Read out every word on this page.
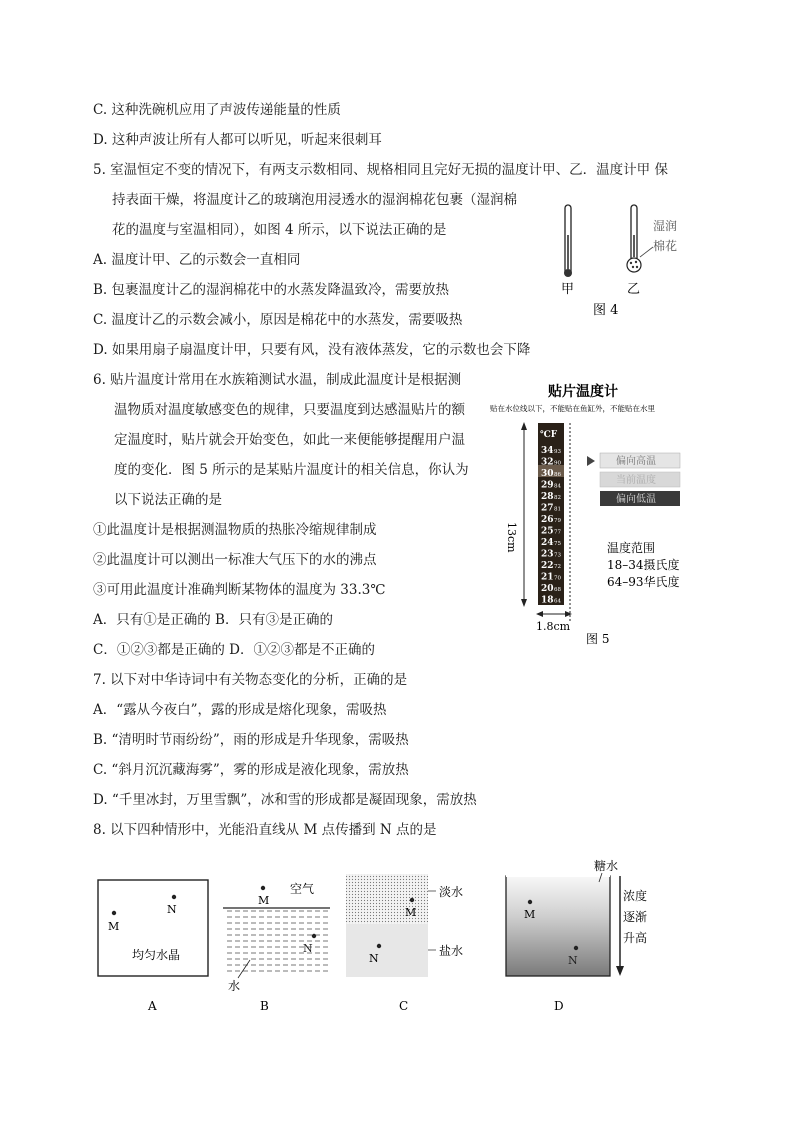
C. 这种洗碗机应用了声波传递能量的性质
D. 这种声波让所有人都可以听见，听起来很刺耳
5. 室温恒定不变的情况下，有两支示数相同、规格相同且完好无损的温度计甲、乙．温度计甲 保
持表面干燥，将温度计乙的玻璃泡用浸透水的湿润棉花包裹（湿润棉
花的温度与室温相同），如图 4 所示，以下说法正确的是
A. 温度计甲、乙的示数会一直相同
B. 包裹温度计乙的湿润棉花中的水蒸发降温致冷，需要放热
C. 温度计乙的示数会减小，原因是棉花中的水蒸发，需要吸热
D. 如果用扇子扇温度计甲，只要有风，没有液体蒸发，它的示数也会下降
6. 贴片温度计常用在水族箱测试水温，制成此温度计是根据测
温物质对温度敏感变色的规律，只要温度到达感温贴片的额
定温度时，贴片就会开始变色，如此一来便能够提醒用户温
度的变化．图 5 所示的是某贴片温度计的相关信息，你认为
以下说法正确的是
①此温度计是根据测温物质的热胀冷缩规律制成
②此温度计可以测出一标准大气压下的水的沸点
③可用此温度计准确判断某物体的温度为 33.3℃
A．只有①是正确的 B．只有③是正确的
C．①②③都是正确的 D．①②③都是不正确的
7. 以下对中华诗词中有关物态变化的分析，正确的是
A．“露从今夜白”，露的形成是熔化现象，需吸热
B. “清明时节雨纷纷”，雨的形成是升华现象，需吸热
C. “斜月沉沉藏海雾”，雾的形成是液化现象，需放热
D. “千里冰封，万里雪飘”，冰和雪的形成都是凝固现象，需放热
8. 以下四种情形中，光能沿直线从 M 点传播到 N 点的是
湿润
棉花
甲	乙
图 4
贴片温度计
贴在水位线以下，不能贴在鱼缸外，不能贴在水里
13cm
℃F
34 93
32 90
30 86
29 84
28 82
27 81
26 79
25 77
24 75
23 73
22 72
21 70
20 68
18 64
1.8cm
偏向高温
当前温度
偏向低温
温度范围
18–34摄氏度
64–93华氏度
图 5
M
N
均匀水晶
A
M
空气
N
水
B
M
N
淡水
盐水
C
M
N
糖水
浓度
逐渐
升高
D
